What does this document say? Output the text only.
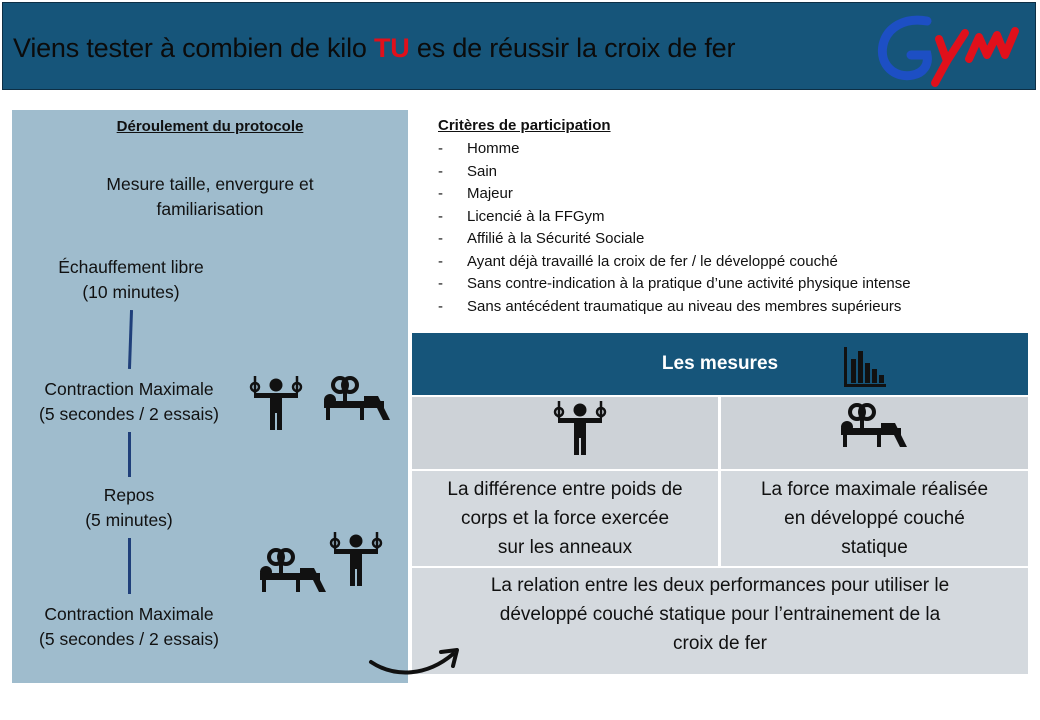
Viens tester à combien de kilo TU es de réussir la croix de fer
Déroulement du protocole
Mesure taille, envergure et
familiarisation
Échauffement libre
(10 minutes)
Contraction Maximale
(5 secondes / 2 essais)
Repos
(5 minutes)
Contraction Maximale
(5 secondes / 2 essais)
Critères de participation
- Homme
- Sain
- Majeur
- Licencié à la FFGym
- Affilié à la Sécurité Sociale
- Ayant déjà travaillé la croix de fer / le développé couché
- Sans contre-indication à la pratique d’une activité physique intense
- Sans antécédent traumatique au niveau des membres supérieurs
Les mesures
La différence entre poids de
corps et la force exercée
sur les anneaux
La force maximale réalisée
en développé couché
statique
La relation entre les deux performances pour utiliser le
développé couché statique pour l’entrainement de la
croix de fer
